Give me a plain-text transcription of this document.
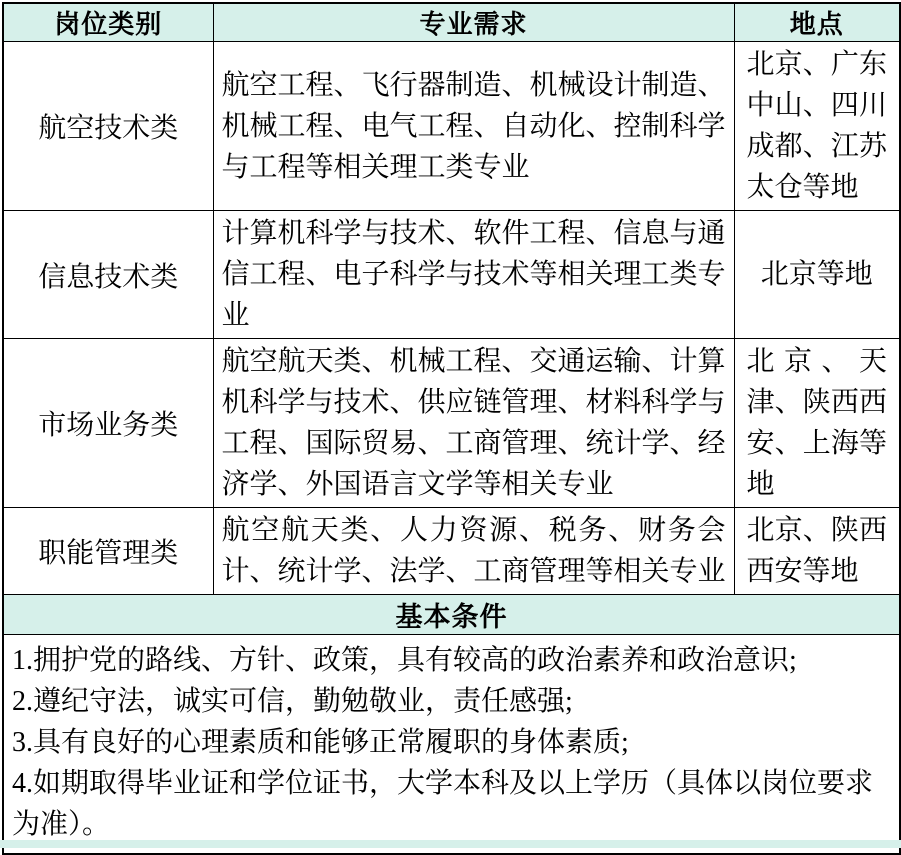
岗位类别	专业需求	地点
航空技术类	航空工程、飞行器制造、机械设计制造、机械工程、电气工程、自动化、控制科学与工程等相关理工类专业	北京、广东中山、四川成都、江苏太仓等地
信息技术类	计算机科学与技术、软件工程、信息与通信工程、电子科学与技术等相关理工类专业	北京等地
市场业务类	航空航天类、机械工程、交通运输、计算机科学与技术、供应链管理、材料科学与工程、国际贸易、工商管理、统计学、经济学、外国语言文学等相关专业	北京、天津、陕西西安、上海等地
职能管理类	航空航天类、人力资源、税务、财务会计、统计学、法学、工商管理等相关专业	北京、陕西西安等地
基本条件		

1.拥护党的路线、方针、政策，具有较高的政治素养和政治意识;
2.遵纪守法，诚实可信，勤勉敬业，责任感强;
3.具有良好的心理素质和能够正常履职的身体素质;
4.如期取得毕业证和学位证书，大学本科及以上学历（具体以岗位要求为准）。		
